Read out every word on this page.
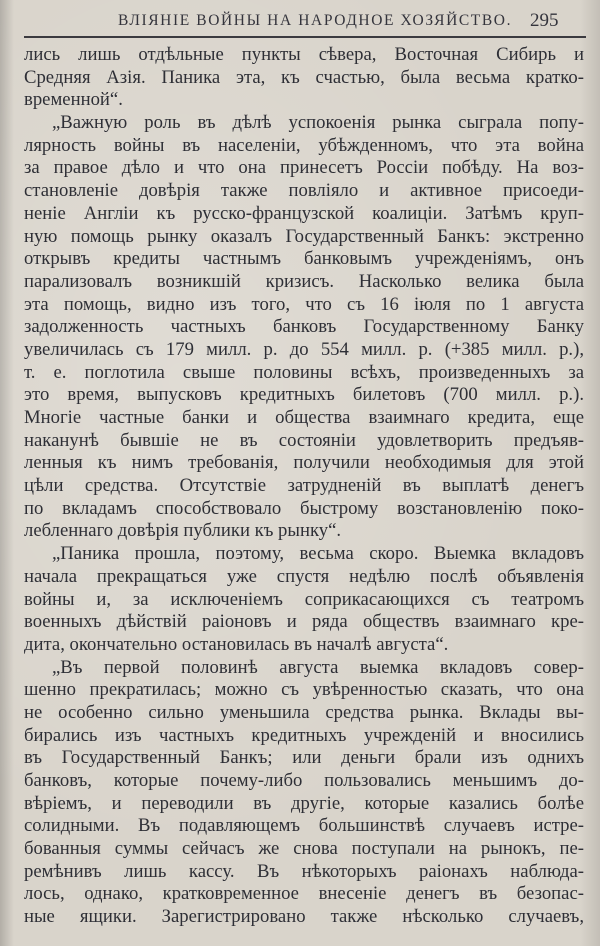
ВЛІЯНІЕ ВОЙНЫ НА НАРОДНОЕ ХОЗЯЙСТВО. 295

лись лишь отдѣльные пункты сѣвера, Восточная Сибирь и
Средняя Азія. Паника эта, къ счастью, была весьма кратко-
временной“.

„Важную роль въ дѣлѣ успокоенія рынка сыграла попу-
лярность войны въ населеніи, убѣжденномъ, что эта война
за правое дѣло и что она принесетъ Россіи побѣду. На воз-
становленіе довѣрія также повліяло и активное присоеди-
неніе Англіи къ русско-французской коалиціи. Затѣмъ круп-
ную помощь рынку оказалъ Государственный Банкъ: экстренно
открывъ кредиты частнымъ банковымъ учрежденіямъ, онъ
парализовалъ возникшій кризисъ. Насколько велика была
эта помощь, видно изъ того, что съ 16 іюля по 1 августа
задолженность частныхъ банковъ Государственному Банку
увеличилась съ 179 милл. р. до 554 милл. р. (+385 милл. р.),
т. е. поглотила свыше половины всѣхъ, произведенныхъ за
это время, выпусковъ кредитныхъ билетовъ (700 милл. р.).
Многіе частные банки и общества взаимнаго кредита, еще
наканунѣ бывшіе не въ состояніи удовлетворить предъяв-
ленныя къ нимъ требованія, получили необходимыя для этой
цѣли средства. Отсутствіе затрудненій въ выплатѣ денегъ
по вкладамъ способствовало быстрому возстановленію поко-
лебленнаго довѣрія публики къ рынку“.

„Паника прошла, поэтому, весьма скоро. Выемка вкладовъ
начала прекращаться уже спустя недѣлю послѣ объявленія
войны и, за исключеніемъ соприкасающихся съ театромъ
военныхъ дѣйствій раіоновъ и ряда обществъ взаимнаго кре-
дита, окончательно остановилась въ началѣ августа“.

„Въ первой половинѣ августа выемка вкладовъ совер-
шенно прекратилась; можно съ увѣренностью сказать, что она
не особенно сильно уменьшила средства рынка. Вклады вы-
бирались изъ частныхъ кредитныхъ учрежденій и вносились
въ Государственный Банкъ; или деньги брали изъ однихъ
банковъ, которые почему-либо пользовались меньшимъ до-
вѣріемъ, и переводили въ другіе, которые казались болѣе
солидными. Въ подавляющемъ большинствѣ случаевъ истре-
бованныя суммы сейчасъ же снова поступали на рынокъ, пе-
ремѣнивъ лишь кассу. Въ нѣкоторыхъ раіонахъ наблюда-
лось, однако, кратковременное внесеніе денегъ въ безопас-
ные ящики. Зарегистрировано также нѣсколько случаевъ,
